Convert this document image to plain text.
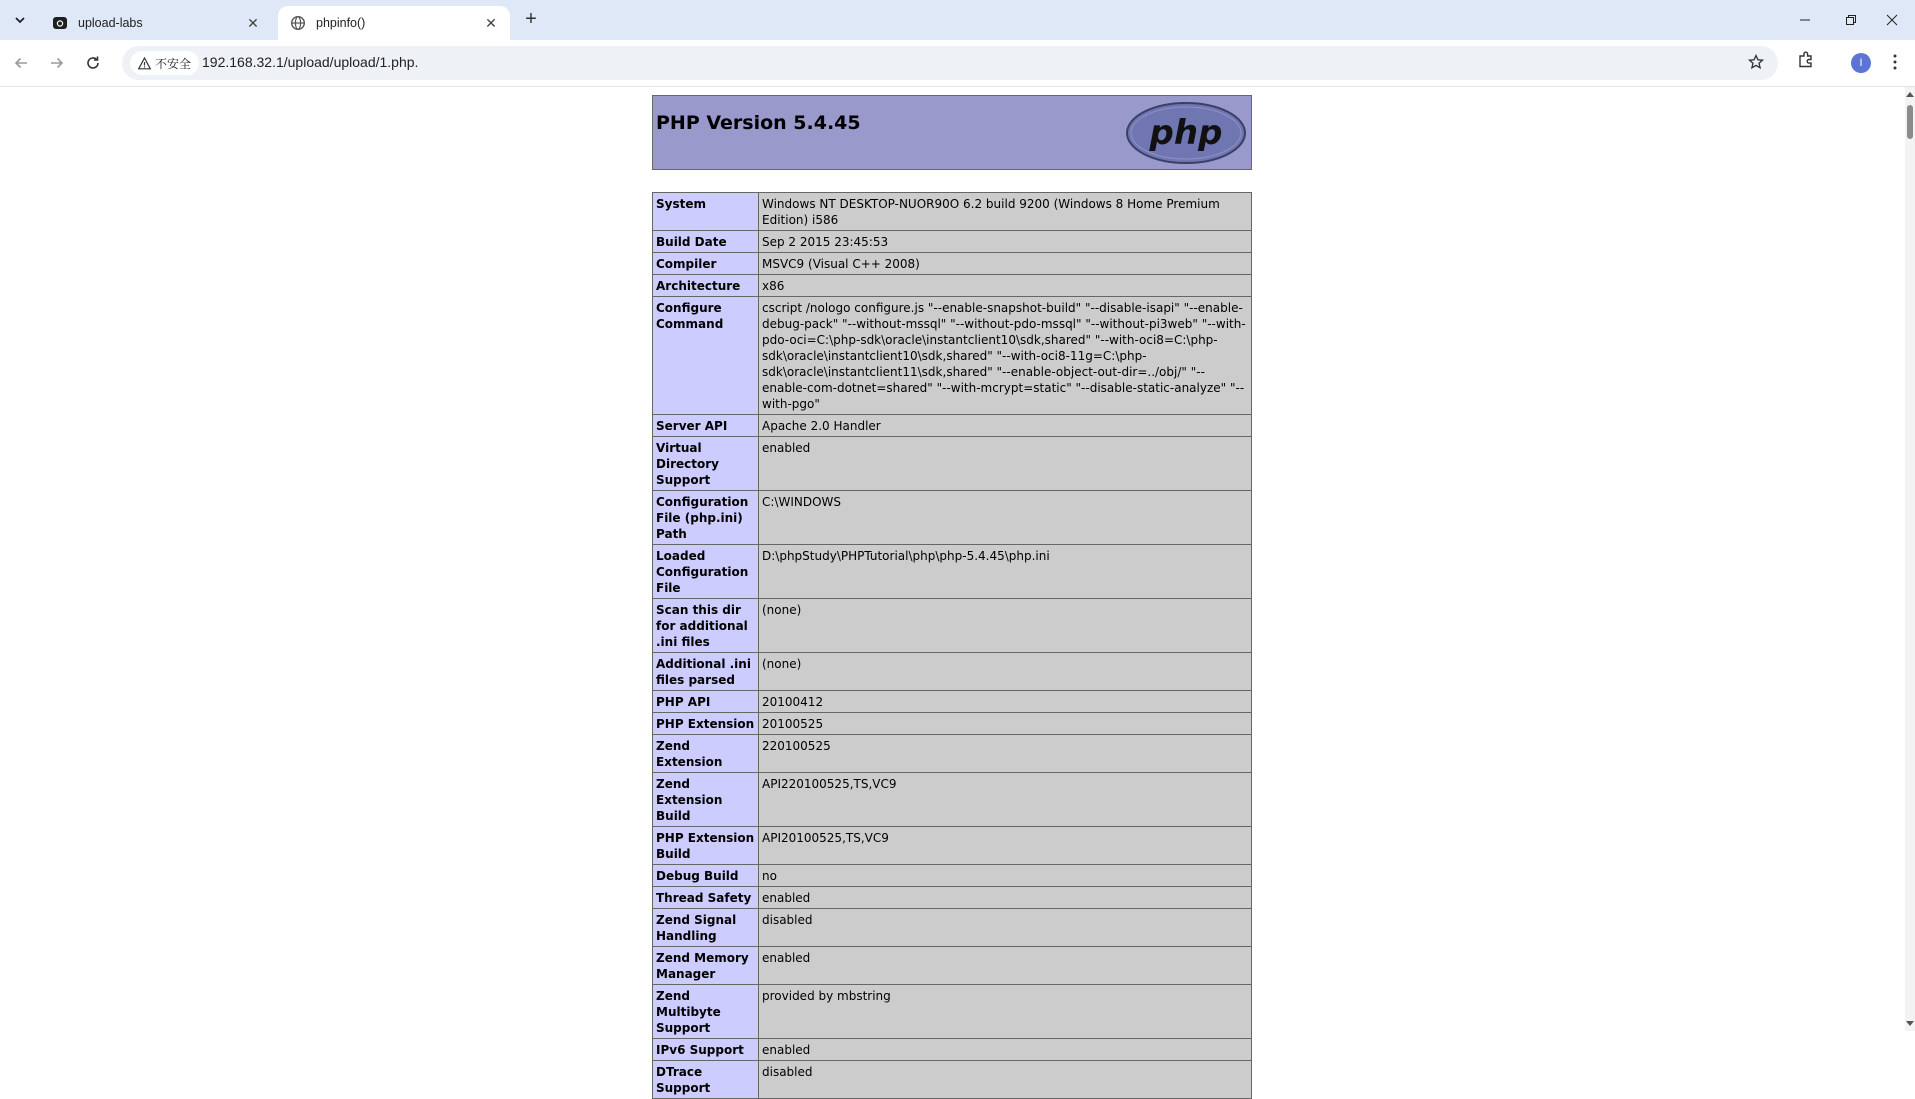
upload-labs	✕	phpinfo()	✕ +
不安全 192.168.32.1/upload/upload/1.php.	I
PHP Version 5.4.45	php
System	Windows NT DESKTOP-NUOR90O 6.2 build 9200 (Windows 8 Home Premium Edition) i586
Build Date	Sep 2 2015 23:45:53
Compiler	MSVC9 (Visual C++ 2008)
Architecture	x86
Configure Command	cscript /nologo configure.js "--enable-snapshot-build" "--disable-isapi" "--enable-debug-pack" "--without-mssql" "--without-pdo-mssql" "--without-pi3web" "--with-pdo-oci=C:\php-sdk\oracle\instantclient10\sdk,shared" "--with-oci8=C:\php-sdk\oracle\instantclient10\sdk,shared" "--with-oci8-11g=C:\php-sdk\oracle\instantclient11\sdk,shared" "--enable-object-out-dir=../obj/" "--enable-com-dotnet=shared" "--with-mcrypt=static" "--disable-static-analyze" "--with-pgo"
Server API	Apache 2.0 Handler
Virtual Directory Support	enabled
Configuration File (php.ini) Path	C:\WINDOWS
Loaded Configuration File	D:\phpStudy\PHPTutorial\php\php-5.4.45\php.ini
Scan this dir for additional .ini files	(none)
Additional .ini files parsed	(none)
PHP API	20100412
PHP Extension	20100525
Zend Extension	220100525
Zend Extension Build	API220100525,TS,VC9
PHP Extension Build	API20100525,TS,VC9
Debug Build	no
Thread Safety	enabled
Zend Signal Handling	disabled
Zend Memory Manager	enabled
Zend Multibyte Support	provided by mbstring
IPv6 Support	enabled
DTrace Support	disabled
